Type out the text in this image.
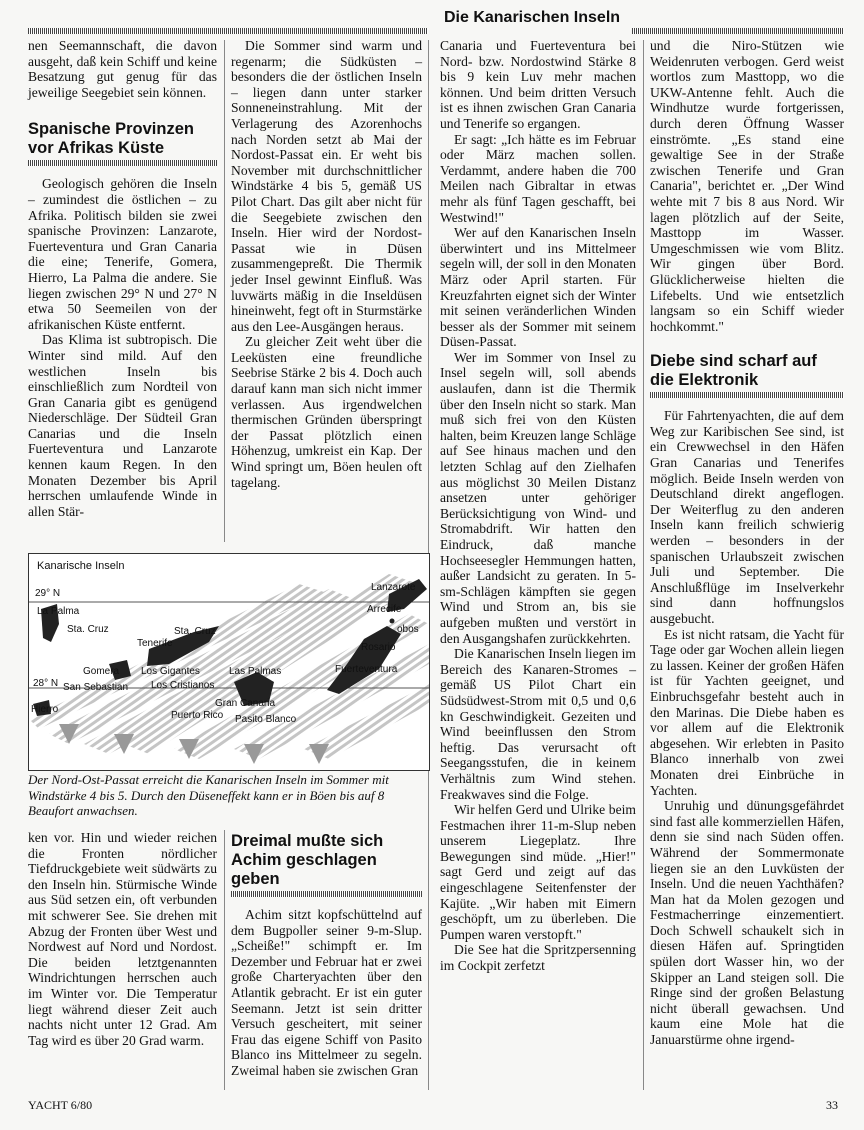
Die Kanarischen Inseln

nen Seemannschaft, die davon ausgeht, daß kein Schiff und keine Besatzung gut genug für das jeweilige Seegebiet sein können.

Spanische Provinzen vor Afrikas Küste

Geologisch gehören die Inseln – zumindest die östlichen – zu Afrika. Politisch bilden sie zwei spanische Provinzen: Lanzarote, Fuerteventura und Gran Canaria die eine; Tenerife, Gomera, Hierro, La Palma die andere. Sie liegen zwischen 29° N und 27° N etwa 50 Seemeilen von der afrikanischen Küste entfernt.

Das Klima ist subtropisch. Die Winter sind mild. Auf den westlichen Inseln bis einschließlich zum Nordteil von Gran Canaria gibt es genügend Niederschläge. Der Südteil Gran Canarias und die Inseln Fuerteventura und Lanzarote kennen kaum Regen. In den Monaten Dezember bis April herrschen umlaufende Winde in allen Stär-

Die Sommer sind warm und regenarm; die Südküsten – besonders die der östlichen Inseln – liegen dann unter starker Sonneneinstrahlung. Mit der Verlagerung des Azorenhochs nach Norden setzt ab Mai der Nordost-Passat ein. Er weht bis November mit durchschnittlicher Windstärke 4 bis 5, gemäß US Pilot Chart. Das gilt aber nicht für die Seegebiete zwischen den Inseln. Hier wird der Nordost-Passat wie in Düsen zusammengepreßt. Die Thermik jeder Insel gewinnt Einfluß. Was luvwärts mäßig in die Inseldüsen hineinweht, fegt oft in Sturmstärke aus den Lee-Ausgängen heraus.

Zu gleicher Zeit weht über die Leeküsten eine freundliche Seebrise Stärke 2 bis 4. Doch auch darauf kann man sich nicht immer verlassen. Aus irgendwelchen thermischen Gründen überspringt der Passat plötzlich einen Höhenzug, umkreist ein Kap. Der Wind springt um, Böen heulen oft tagelang.

Kanarische Inseln
29° N
28° N
La Palma
Sta. Cruz	Sta. Cruz
Tenerife
Gomera Los Gigantes
San Sebastian Los Cristianos
Las Palmas
Hierro
Gran Canaria
Puerto Rico Pasito Blanco
Lanzarote
Arrecife
obos
Rosario
Fuerteventura
Der Nord-Ost-Passat erreicht die Kanarischen Inseln im Sommer mit Windstärke 4 bis 5. Durch den Düseneffekt kann er in Böen bis auf 8 Beaufort anwachsen.

ken vor. Hin und wieder reichen die Fronten nördlicher Tiefdruckgebiete weit südwärts zu den Inseln hin. Stürmische Winde aus Süd setzen ein, oft verbunden mit schwerer See. Sie drehen mit Abzug der Fronten über West und Nordwest auf Nord und Nordost. Die beiden letztgenannten Windrichtungen herrschen auch im Winter vor. Die Temperatur liegt während dieser Zeit auch nachts nicht unter 12 Grad. Am Tag wird es über 20 Grad warm.

Dreimal mußte sich Achim geschlagen geben

Achim sitzt kopfschüttelnd auf dem Bugpoller seiner 9-m-Slup. „Scheiße!" schimpft er. Im Dezember und Februar hat er zwei große Charteryachten über den Atlantik gebracht. Er ist ein guter Seemann. Jetzt ist sein dritter Versuch gescheitert, mit seiner Frau das eigene Schiff von Pasito Blanco ins Mittelmeer zu segeln. Zweimal haben sie zwischen Gran

Canaria und Fuerteventura bei Nord- bzw. Nordostwind Stärke 8 bis 9 kein Luv mehr machen können. Und beim dritten Versuch ist es ihnen zwischen Gran Canaria und Tenerife so ergangen.

Er sagt: „Ich hätte es im Februar oder März machen sollen. Verdammt, andere haben die 700 Meilen nach Gibraltar in etwas mehr als fünf Tagen geschafft, bei Westwind!"

Wer auf den Kanarischen Inseln überwintert und ins Mittelmeer segeln will, der soll in den Monaten März oder April starten. Für Kreuzfahrten eignet sich der Winter mit seinen veränderlichen Winden besser als der Sommer mit seinem Düsen-Passat.

Wer im Sommer von Insel zu Insel segeln will, soll abends auslaufen, dann ist die Thermik über den Inseln nicht so stark. Man muß sich frei von den Küsten halten, beim Kreuzen lange Schläge auf See hinaus machen und den letzten Schlag auf den Zielhafen aus möglichst 30 Meilen Distanz ansetzen unter gehöriger Berücksichtigung von Wind- und Stromabdrift. Wir hatten den Eindruck, daß manche Hochseesegler Hemmungen hatten, außer Landsicht zu geraten. In 5-sm-Schlägen kämpften sie gegen Wind und Strom an, bis sie aufgeben mußten und verstört in den Ausgangshafen zurückkehrten.

Die Kanarischen Inseln liegen im Bereich des Kanaren-Stromes – gemäß US Pilot Chart ein Südsüdwest-Strom mit 0,5 und 0,6 kn Geschwindigkeit. Gezeiten und Wind beeinflussen den Strom heftig. Das verursacht oft Seegangsstufen, die in keinem Verhältnis zum Wind stehen. Freakwaves sind die Folge.

Wir helfen Gerd und Ulrike beim Festmachen ihrer 11-m-Slup neben unserem Liegeplatz. Ihre Bewegungen sind müde. „Hier!" sagt Gerd und zeigt auf das eingeschlagene Seitenfenster der Kajüte. „Wir haben mit Eimern geschöpft, um zu überleben. Die Pumpen waren verstopft."

Die See hat die Spritzpersenning im Cockpit zerfetzt

und die Niro-Stützen wie Weidenruten verbogen. Gerd weist wortlos zum Masttopp, wo die UKW-Antenne fehlt. Auch die Windhutze wurde fortgerissen, durch deren Öffnung Wasser einströmte. „Es stand eine gewaltige See in der Straße zwischen Tenerife und Gran Canaria", berichtet er. „Der Wind wehte mit 7 bis 8 aus Nord. Wir lagen plötzlich auf der Seite, Masttopp im Wasser. Umgeschmissen wie vom Blitz. Wir gingen über Bord. Glücklicherweise hielten die Lifebelts. Und wie entsetzlich langsam so ein Schiff wieder hochkommt."

Diebe sind scharf auf die Elektronik

Für Fahrtenyachten, die auf dem Weg zur Karibischen See sind, ist ein Crewwechsel in den Häfen Gran Canarias und Tenerifes möglich. Beide Inseln werden von Deutschland direkt angeflogen. Der Weiterflug zu den anderen Inseln kann freilich schwierig werden – besonders in der spanischen Urlaubszeit zwischen Juli und September. Die Anschlußflüge im Inselverkehr sind dann hoffnungslos ausgebucht.

Es ist nicht ratsam, die Yacht für Tage oder gar Wochen allein liegen zu lassen. Keiner der großen Häfen ist für Yachten geeignet, und Einbruchsgefahr besteht auch in den Marinas. Die Diebe haben es vor allem auf die Elektronik abgesehen. Wir erlebten in Pasito Blanco innerhalb von zwei Monaten drei Einbrüche in Yachten.

Unruhig und dünungsgefährdet sind fast alle kommerziellen Häfen, denn sie sind nach Süden offen. Während der Sommermonate liegen sie an den Luvküsten der Inseln. Und die neuen Yachthäfen? Man hat da Molen gezogen und Festmacherringe einzementiert. Doch Schwell schaukelt sich in diesen Häfen auf. Springtiden spülen dort Wasser hin, wo der Skipper an Land steigen soll. Die Ringe sind der großen Belastung nicht überall gewachsen. Und kaum eine Mole hat die Januarstürme ohne irgend-

YACHT 6/80	33
